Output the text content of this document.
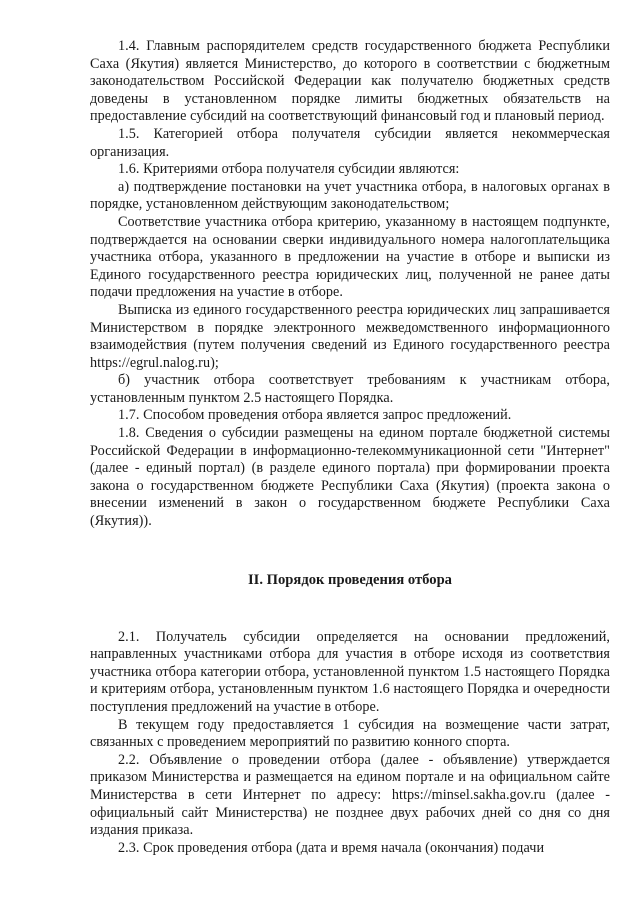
1.4. Главным распорядителем средств государственного бюджета Республики Саха (Якутия) является Министерство, до которого в соответствии с бюджетным законодательством Российской Федерации как получателю бюджетных средств доведены в установленном порядке лимиты бюджетных обязательств на предоставление субсидий на соответствующий финансовый год и плановый период.

1.5. Категорией отбора получателя субсидии является некоммерческая организация.

1.6. Критериями отбора получателя субсидии являются:

а) подтверждение постановки на учет участника отбора, в налоговых органах в порядке, установленном действующим законодательством;

Соответствие участника отбора критерию, указанному в настоящем подпункте, подтверждается на основании сверки индивидуального номера налогоплательщика участника отбора, указанного в предложении на участие в отборе и выписки из Единого государственного реестра юридических лиц, полученной не ранее даты подачи предложения на участие в отборе.

Выписка из единого государственного реестра юридических лиц запрашивается Министерством в порядке электронного межведомственного информационного взаимодействия (путем получения сведений из Единого государственного реестра https://egrul.nalog.ru);

б) участник отбора соответствует требованиям к участникам отбора, установленным пунктом 2.5 настоящего Порядка.

1.7. Способом проведения отбора является запрос предложений.

1.8. Сведения о субсидии размещены на едином портале бюджетной системы Российской Федерации в информационно-телекоммуникационной сети "Интернет" (далее - единый портал) (в разделе единого портала) при формировании проекта закона о государственном бюджете Республики Саха (Якутия) (проекта закона о внесении изменений в закон о государственном бюджете Республики Саха (Якутия)).

II. Порядок проведения отбора

2.1. Получатель субсидии определяется на основании предложений, направленных участниками отбора для участия в отборе исходя из соответствия участника отбора категории отбора, установленной пунктом 1.5 настоящего Порядка и критериям отбора, установленным пунктом 1.6 настоящего Порядка и очередности поступления предложений на участие в отборе.

В текущем году предоставляется 1 субсидия на возмещение части затрат, связанных с проведением мероприятий по развитию конного спорта.

2.2. Объявление о проведении отбора (далее - объявление) утверждается приказом Министерства и размещается на едином портале и на официальном сайте Министерства в сети Интернет по адресу: https://minsel.sakha.gov.ru (далее - официальный сайт Министерства) не позднее двух рабочих дней со дня со дня издания приказа.

2.3. Срок проведения отбора (дата и время начала (окончания) подачи
